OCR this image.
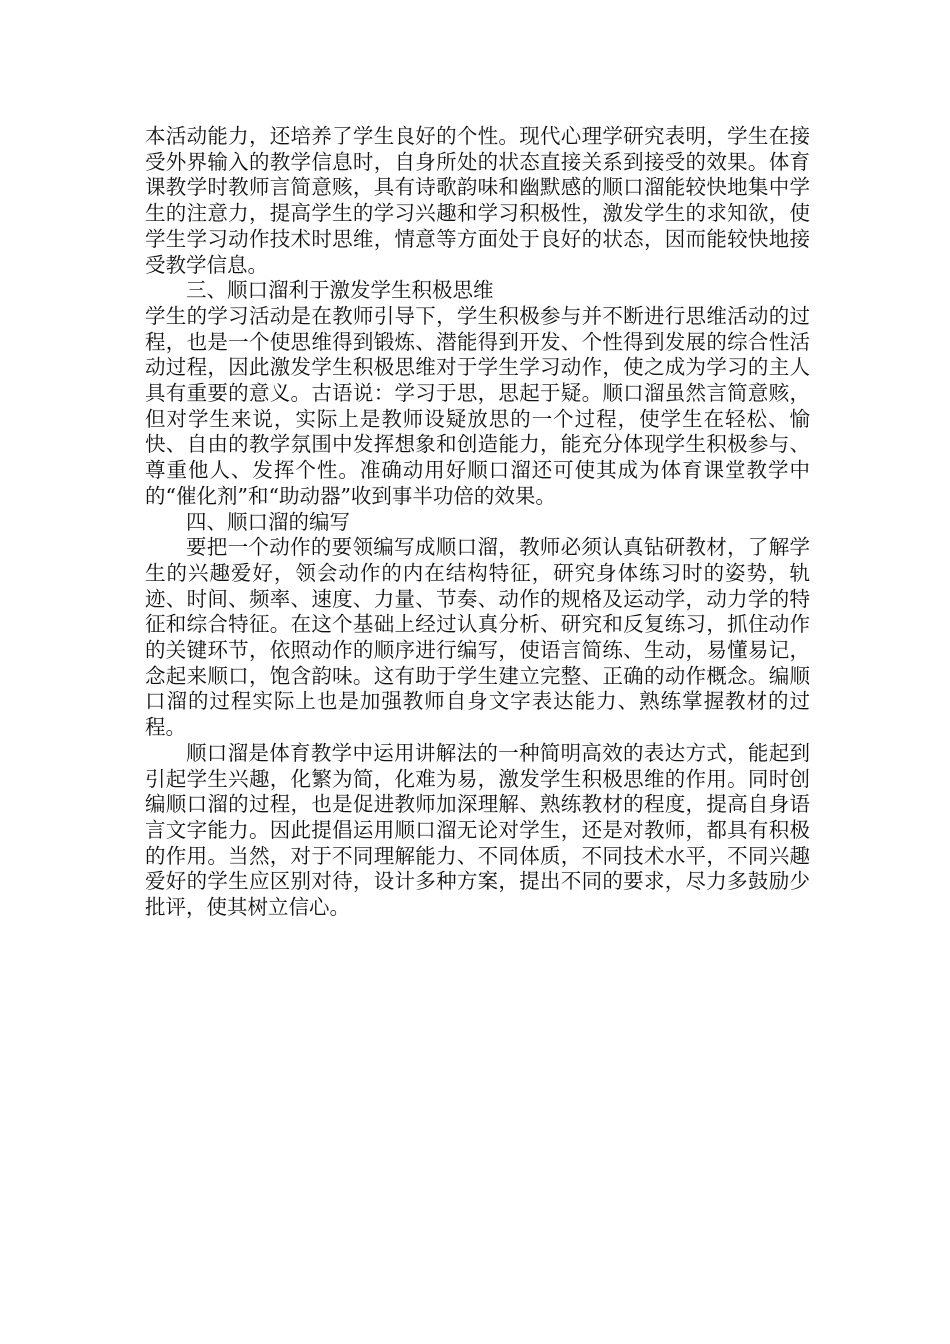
本活动能力，还培养了学生良好的个性。现代心理学研究表明，学生在接受外界输入的教学信息时，自身所处的状态直接关系到接受的效果。体育课教学时教师言简意赅，具有诗歌韵味和幽默感的顺口溜能较快地集中学生的注意力，提高学生的学习兴趣和学习积极性，激发学生的求知欲，使学生学习动作技术时思维，情意等方面处于良好的状态，因而能较快地接受教学信息。

三、顺口溜利于激发学生积极思维

学生的学习活动是在教师引导下，学生积极参与并不断进行思维活动的过程，也是一个使思维得到锻炼、潜能得到开发、个性得到发展的综合性活动过程，因此激发学生积极思维对于学生学习动作，使之成为学习的主人具有重要的意义。古语说：学习于思，思起于疑。顺口溜虽然言简意赅，但对学生来说，实际上是教师设疑放思的一个过程，使学生在轻松、愉快、自由的教学氛围中发挥想象和创造能力，能充分体现学生积极参与、尊重他人、发挥个性。准确动用好顺口溜还可使其成为体育课堂教学中的“催化剂”和“助动器”收到事半功倍的效果。

四、顺口溜的编写

要把一个动作的要领编写成顺口溜，教师必须认真钻研教材，了解学生的兴趣爱好，领会动作的内在结构特征，研究身体练习时的姿势，轨迹、时间、频率、速度、力量、节奏、动作的规格及运动学，动力学的特征和综合特征。在这个基础上经过认真分析、研究和反复练习，抓住动作的关键环节，依照动作的顺序进行编写，使语言简练、生动，易懂易记，念起来顺口，饱含韵味。这有助于学生建立完整、正确的动作概念。编顺口溜的过程实际上也是加强教师自身文字表达能力、熟练掌握教材的过程。

顺口溜是体育教学中运用讲解法的一种简明高效的表达方式，能起到引起学生兴趣，化繁为简，化难为易，激发学生积极思维的作用。同时创编顺口溜的过程，也是促进教师加深理解、熟练教材的程度，提高自身语言文字能力。因此提倡运用顺口溜无论对学生，还是对教师，都具有积极的作用。当然，对于不同理解能力、不同体质，不同技术水平，不同兴趣爱好的学生应区别对待，设计多种方案，提出不同的要求，尽力多鼓励少批评，使其树立信心。
